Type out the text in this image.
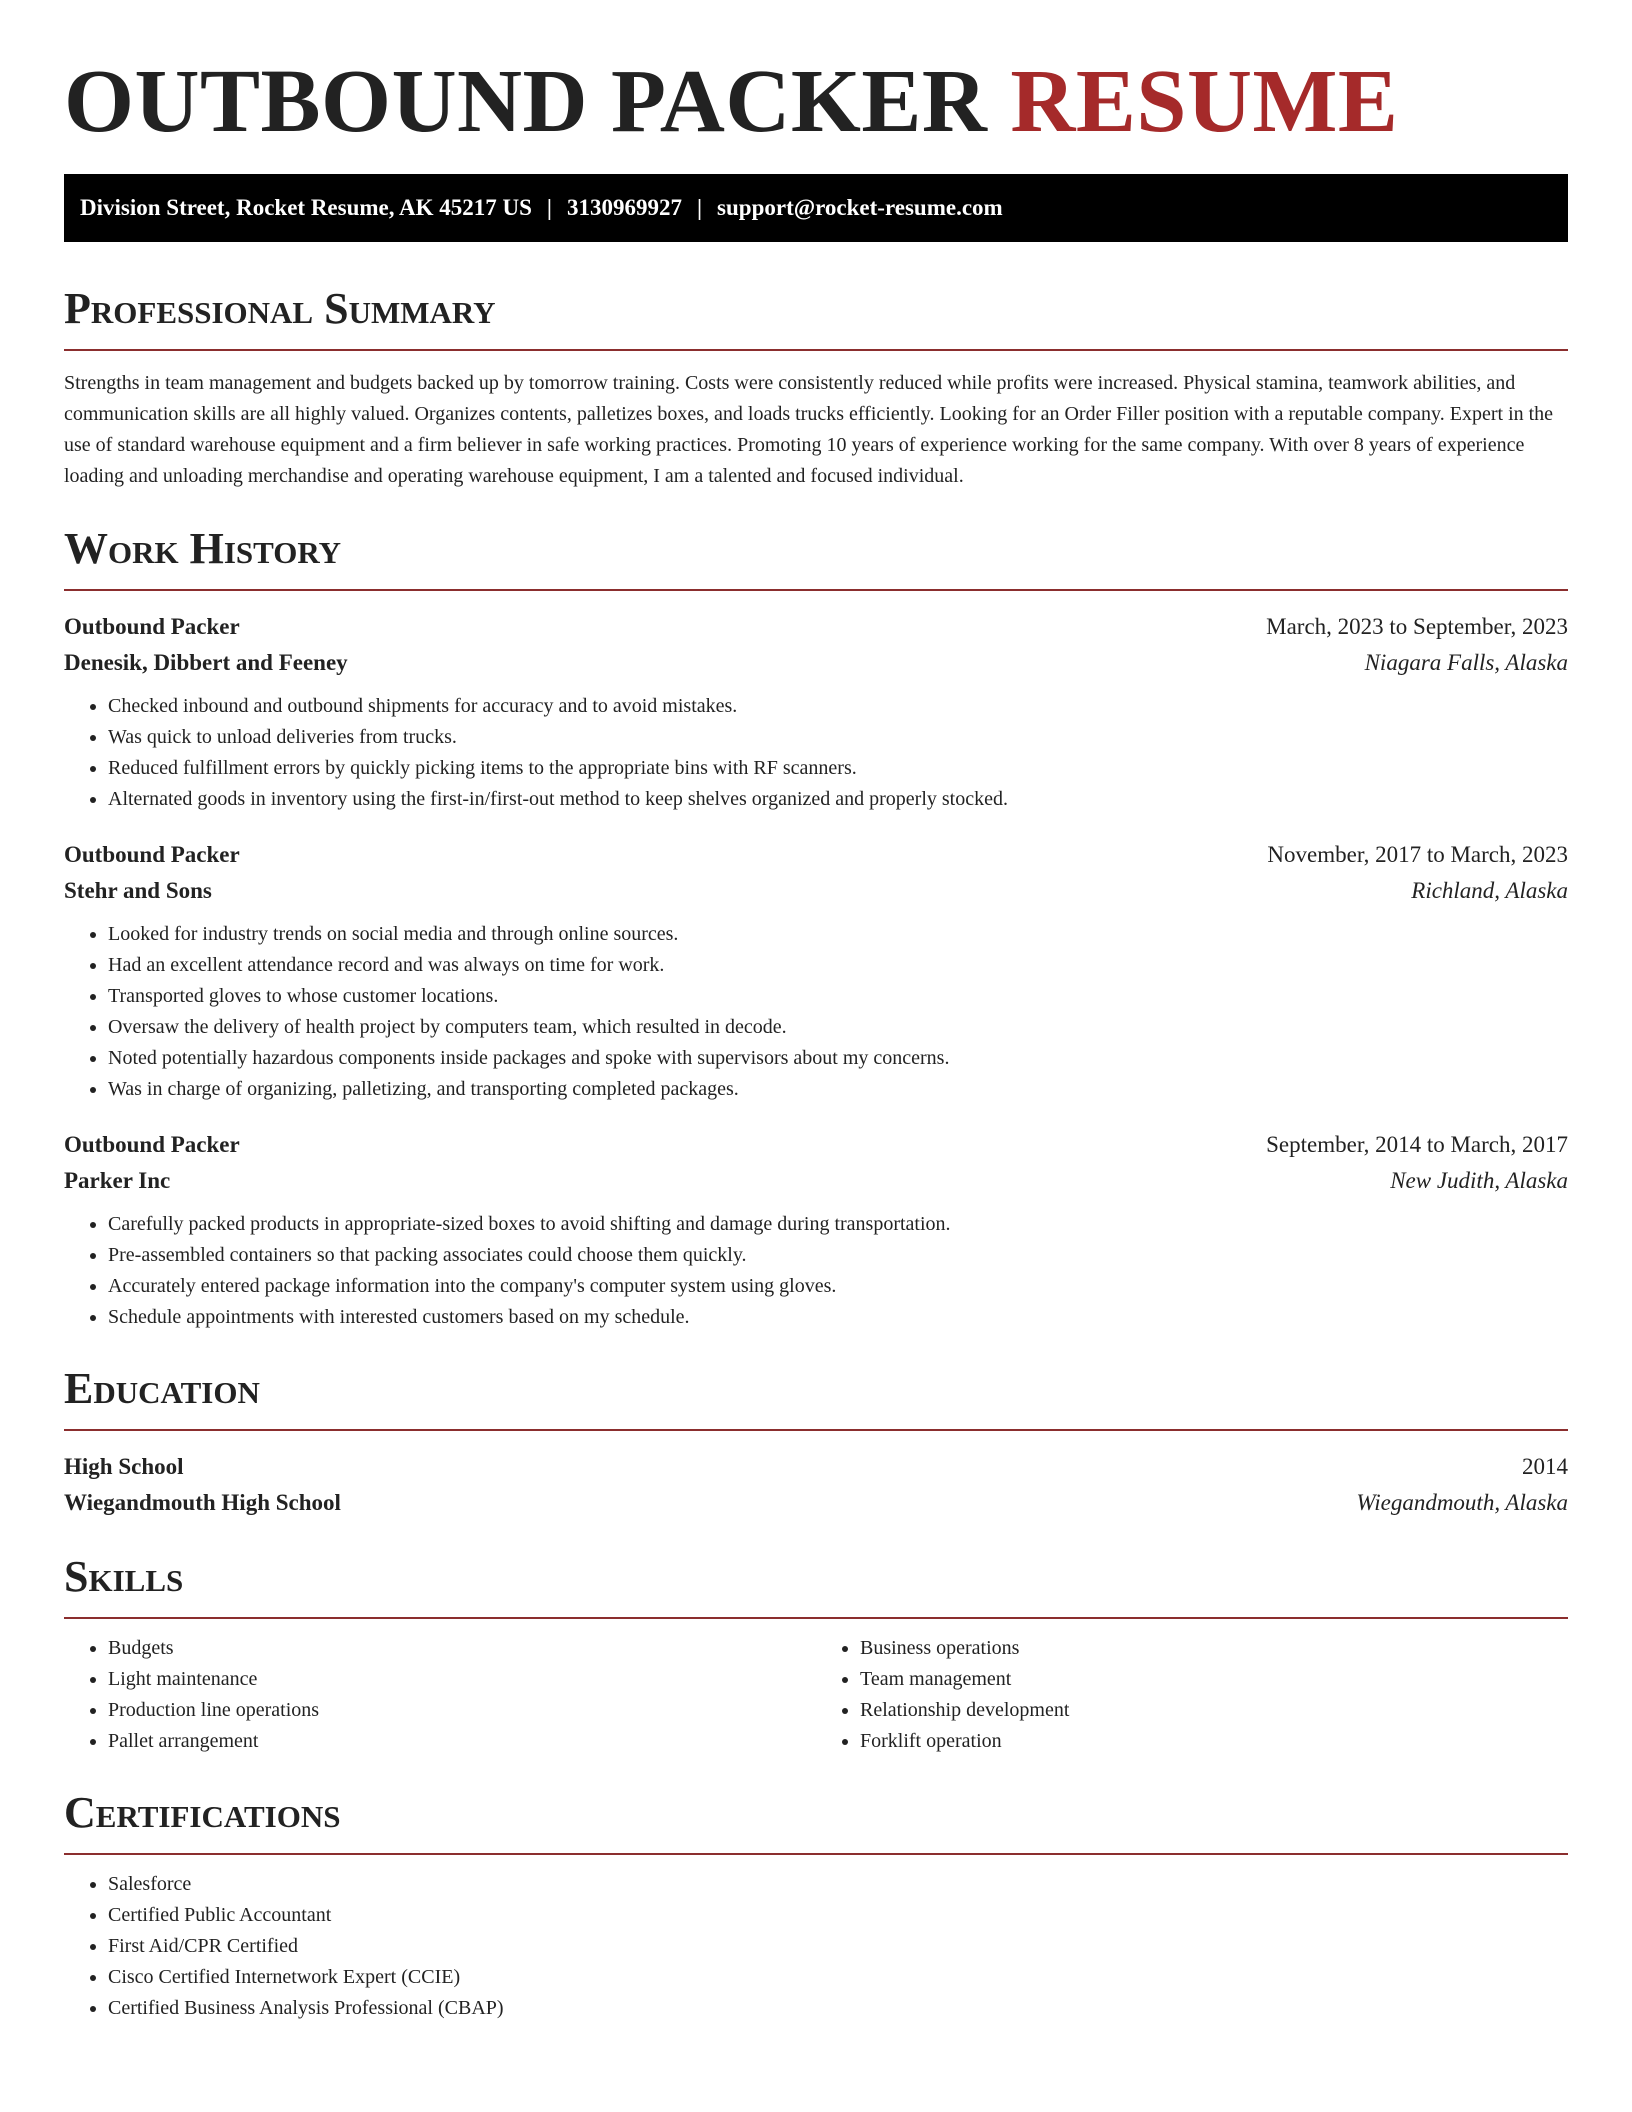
OUTBOUND PACKER RESUME
Division Street, Rocket Resume, AK 45217 US | 3130969927 | support@rocket-resume.com
Professional Summary

Strengths in team management and budgets backed up by tomorrow training. Costs were consistently reduced while profits were increased. Physical stamina, teamwork abilities, and communication skills are all highly valued. Organizes contents, palletizes boxes, and loads trucks efficiently. Looking for an Order Filler position with a reputable company. Expert in the use of standard warehouse equipment and a firm believer in safe working practices. Promoting 10 years of experience working for the same company. With over 8 years of experience loading and unloading merchandise and operating warehouse equipment, I am a talented and focused individual.

Work History
Outbound Packer	March, 2023 to September, 2023
Denesik, Dibbert and Feeney	Niagara Falls, Alaska
• Checked inbound and outbound shipments for accuracy and to avoid mistakes.
• Was quick to unload deliveries from trucks.
• Reduced fulfillment errors by quickly picking items to the appropriate bins with RF scanners.
• Alternated goods in inventory using the first-in/first-out method to keep shelves organized and properly stocked.
Outbound Packer	November, 2017 to March, 2023
Stehr and Sons	Richland, Alaska
• Looked for industry trends on social media and through online sources.
• Had an excellent attendance record and was always on time for work.
• Transported gloves to whose customer locations.
• Oversaw the delivery of health project by computers team, which resulted in decode.
• Noted potentially hazardous components inside packages and spoke with supervisors about my concerns.
• Was in charge of organizing, palletizing, and transporting completed packages.
Outbound Packer	September, 2014 to March, 2017
Parker Inc	New Judith, Alaska
• Carefully packed products in appropriate-sized boxes to avoid shifting and damage during transportation.
• Pre-assembled containers so that packing associates could choose them quickly.
• Accurately entered package information into the company's computer system using gloves.
• Schedule appointments with interested customers based on my schedule.
Education
High School	2014
Wiegandmouth High School	Wiegandmouth, Alaska
Skills
• Budgets
• Light maintenance
• Production line operations
• Pallet arrangement
• Business operations
• Team management
• Relationship development
• Forklift operation
Certifications
• Salesforce
• Certified Public Accountant
• First Aid/CPR Certified
• Cisco Certified Internetwork Expert (CCIE)
• Certified Business Analysis Professional (CBAP)
